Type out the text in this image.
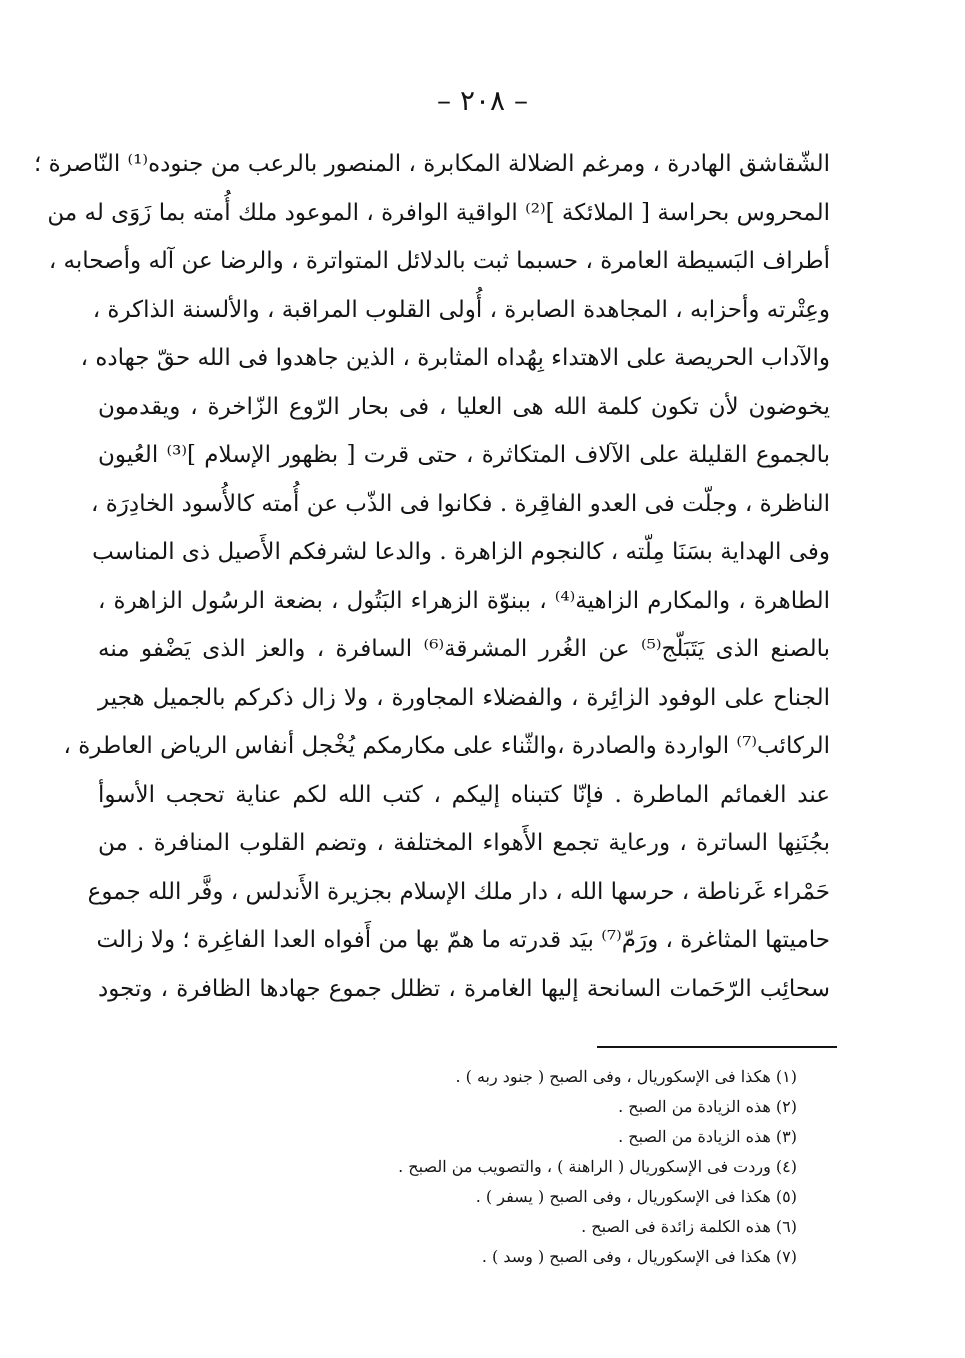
– ٢٠٨ –
الشّقاشق الهادرة ، ومرغم الضلالة المكابرة ، المنصور بالرعب من جنوده⁽¹⁾ النّاصرة ؛
المحروس بحراسة [ الملائكة ]⁽²⁾ الواقية الوافرة ، الموعود ملك أُمته بما زَوَى له من
أطراف البَسيطة العامرة ، حسبما ثبت بالدلائل المتواترة ، والرضا عن آله وأصحابه ،
وعِتْرته وأحزابه ، المجاهدة الصابرة ، أُولى القلوب المراقبة ، والألسنة الذاكرة ،
والآداب الحريصة على الاهتداء بِهُداه المثابرة ، الذين جاهدوا فى الله حقّ جهاده ،
يخوضون لأن تكون كلمة الله هى العليا ، فى بحار الرّوع الزّاخرة ، ويقدمون
بالجموع القليلة على الآلاف المتكاثرة ، حتى قرت [ بظهور الإسلام ]⁽³⁾ العُيون
الناظرة ، وجلّت فى العدو الفاقِرة . فكانوا فى الذّب عن أُمته كالأُسود الخادِرَة ،
وفى الهداية بسَنَا مِلّته ، كالنجوم الزاهرة . والدعا لشرفكم الأَصيل ذى المناسب
الطاهرة ، والمكارم الزاهية⁽⁴⁾ ، ببنوّة الزهراء البَتُول ، بضعة الرسُول الزاهرة ،
بالصنع الذى يَتَبَلّج⁽⁵⁾ عن الغُرر المشرقة⁽⁶⁾ السافرة ، والعز الذى يَضْفو منه
الجناح على الوفود الزائِرة ، والفضلاء المجاورة ، ولا زال ذكركم بالجميل هجير
الركائب⁽⁷⁾ الواردة والصادرة ،والثّناء على مكارمكم يُخْجل أنفاس الرياض العاطرة ،
عند الغمائم الماطرة . فإنّا كتبناه إليكم ، كتب الله لكم عناية تحجب الأسوأ
بجُنَنِها الساترة ، ورعاية تجمع الأَهواء المختلفة ، وتضم القلوب المنافرة . من
حَمْراء غَرناطة ، حرسها الله ، دار ملك الإسلام بجزيرة الأَندلس ، وفَّر الله جموع
حاميتها المثاغرة ، ورَمّ⁽⁷⁾ بيَد قدرته ما همّ بها من أَفواه العدا الفاغِرة ؛ ولا زالت
سحائِب الرّحَمات السانحة إليها الغامرة ، تظلل جموع جهادها الظافرة ، وتجود
(١) هكذا فى الإسكوريال ، وفى الصبح ( جنود ربه ) .
(٢) هذه الزيادة من الصبح .
(٣) هذه الزيادة من الصبح .
(٤) وردت فى الإسكوريال ( الراهنة ) ، والتصويب من الصبح .
(٥) هكذا فى الإسكوريال ، وفى الصبح ( يسفر ) .
(٦) هذه الكلمة زائدة فى الصبح .
(٧) هكذا فى الإسكوريال ، وفى الصبح ( وسد ) .
